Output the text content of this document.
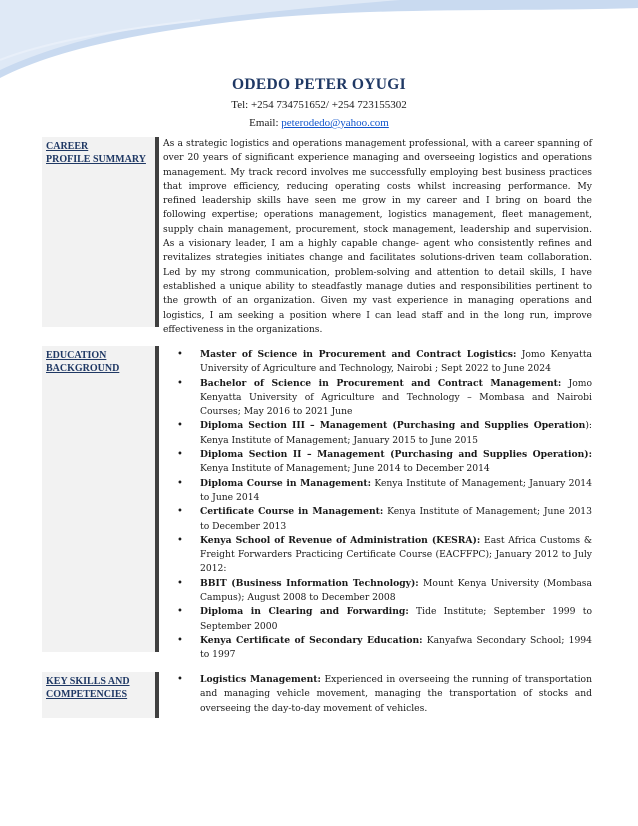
ODEDO PETER OYUGI
Tel: +254 734751652/ +254 723155302
Email: peterodedo@yahoo.com
CAREER
PROFILE SUMMARY
As a strategic logistics and operations management professional, with a career spanning of over 20 years of significant experience managing and overseeing logistics and operations management. My track record involves me successfully employing best business practices that improve efficiency, reducing operating costs whilst increasing performance. My refined leadership skills have seen me grow in my career and I bring on board the following expertise; operations management, logistics management, fleet management, supply chain management, procurement, stock management, leadership and supervision. As a visionary leader, I am a highly capable change- agent who consistently refines and revitalizes strategies initiates change and facilitates solutions-driven team collaboration. Led by my strong communication, problem-solving and attention to detail skills, I have established a unique ability to steadfastly manage duties and responsibilities pertinent to the growth of an organization. Given my vast experience in managing operations and logistics, I am seeking a position where I can lead staff and in the long run, improve effectiveness in the organizations.
EDUCATION
BACKGROUND
• Master of Science in Procurement and Contract Logistics: Jomo Kenyatta University of Agriculture and Technology, Nairobi ; Sept 2022 to June 2024
• Bachelor of Science in Procurement and Contract Management: Jomo Kenyatta University of Agriculture and Technology – Mombasa and Nairobi Courses; May 2016 to 2021 June
• Diploma Section III – Management (Purchasing and Supplies Operation): Kenya Institute of Management; January 2015 to June 2015
• Diploma Section II – Management (Purchasing and Supplies Operation): Kenya Institute of Management; June 2014 to December 2014
• Diploma Course in Management: Kenya Institute of Management; January 2014 to June 2014
• Certificate Course in Management: Kenya Institute of Management; June 2013 to December 2013
• Kenya School of Revenue of Administration (KESRA): East Africa Customs & Freight Forwarders Practicing Certificate Course (EACFFPC); January 2012 to July 2012:
• BBIT (Business Information Technology): Mount Kenya University (Mombasa Campus); August 2008 to December 2008
• Diploma in Clearing and Forwarding: Tide Institute; September 1999 to September 2000
• Kenya Certificate of Secondary Education: Kanyafwa Secondary School; 1994 to 1997
KEY SKILLS AND
COMPETENCIES
• Logistics Management: Experienced in overseeing the running of transportation and managing vehicle movement, managing the transportation of stocks and overseeing the day-to-day movement of vehicles.
